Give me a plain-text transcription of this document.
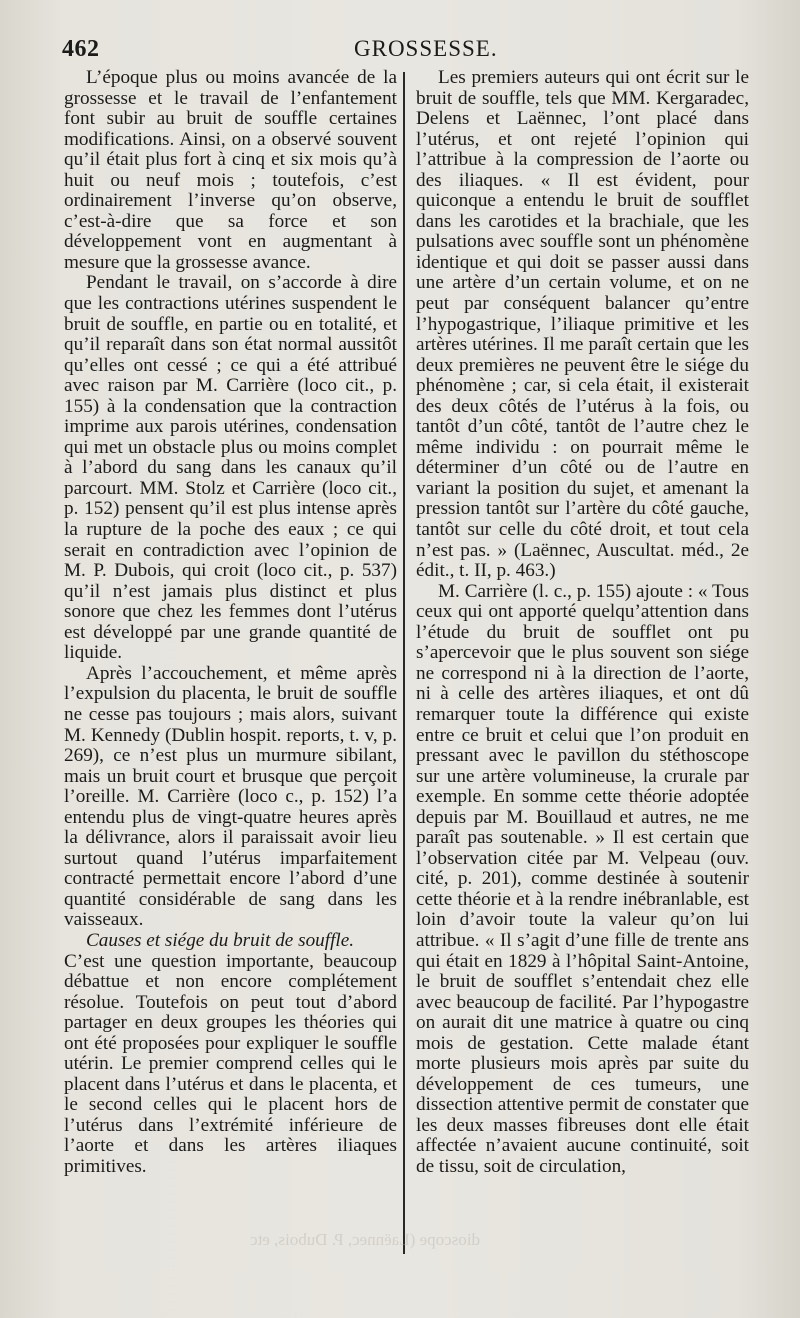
462	GROSSESSE.

L’époque plus ou moins avancée de la grossesse et le travail de l’enfantement font subir au bruit de souffle certaines modifications. Ainsi, on a observé souvent qu’il était plus fort à cinq et six mois qu’à huit ou neuf mois ; toutefois, c’est ordinairement l’inverse qu’on observe, c’est-à-dire que sa force et son développement vont en augmentant à mesure que la grossesse avance.

Pendant le travail, on s’accorde à dire que les contractions utérines suspendent le bruit de souffle, en partie ou en totalité, et qu’il reparaît dans son état normal aussitôt qu’elles ont cessé ; ce qui a été attribué avec raison par M. Carrière (loco cit., p. 155) à la condensation que la contraction imprime aux parois utérines, condensation qui met un obstacle plus ou moins complet à l’abord du sang dans les canaux qu’il parcourt. MM. Stolz et Carrière (loco cit., p. 152) pensent qu’il est plus intense après la rupture de la poche des eaux ; ce qui serait en contradiction avec l’opinion de M. P. Dubois, qui croit (loco cit., p. 537) qu’il n’est jamais plus distinct et plus sonore que chez les femmes dont l’utérus est développé par une grande quantité de liquide.

Après l’accouchement, et même après l’expulsion du placenta, le bruit de souffle ne cesse pas toujours ; mais alors, suivant M. Kennedy (Dublin hospit. reports, t. v, p. 269), ce n’est plus un murmure sibilant, mais un bruit court et brusque que perçoit l’oreille. M. Carrière (loco c., p. 152) l’a entendu plus de vingt-quatre heures après la délivrance, alors il paraissait avoir lieu surtout quand l’utérus imparfaitement contracté permettait encore l’abord d’une quantité considérable de sang dans les vaisseaux.

Causes et siége du bruit de souffle.

C’est une question importante, beaucoup débattue et non encore complétement résolue. Toutefois on peut tout d’abord partager en deux groupes les théories qui ont été proposées pour expliquer le souffle utérin. Le premier comprend celles qui le placent dans l’utérus et dans le placenta, et le second celles qui le placent hors de l’utérus dans l’extrémité inférieure de l’aorte et dans les artères iliaques primitives.

Les premiers auteurs qui ont écrit sur le bruit de souffle, tels que MM. Kergaradec, Delens et Laënnec, l’ont placé dans l’utérus, et ont rejeté l’opinion qui l’attribue à la compression de l’aorte ou des iliaques. « Il est évident, pour quiconque a entendu le bruit de soufflet dans les carotides et la brachiale, que les pulsations avec souffle sont un phénomène identique et qui doit se passer aussi dans une artère d’un certain volume, et on ne peut par conséquent balancer qu’entre l’hypogastrique, l’iliaque primitive et les artères utérines. Il me paraît certain que les deux premières ne peuvent être le siége du phénomène ; car, si cela était, il existerait des deux côtés de l’utérus à la fois, ou tantôt d’un côté, tantôt de l’autre chez le même individu : on pourrait même le déterminer d’un côté ou de l’autre en variant la position du sujet, et amenant la pression tantôt sur l’artère du côté gauche, tantôt sur celle du côté droit, et tout cela n’est pas. » (Laënnec, Auscultat. méd., 2e édit., t. II, p. 463.)

M. Carrière (l. c., p. 155) ajoute : « Tous ceux qui ont apporté quelqu’attention dans l’étude du bruit de soufflet ont pu s’apercevoir que le plus souvent son siége ne correspond ni à la direction de l’aorte, ni à celle des artères iliaques, et ont dû remarquer toute la différence qui existe entre ce bruit et celui que l’on produit en pressant avec le pavillon du stéthoscope sur une artère volumineuse, la crurale par exemple. En somme cette théorie adoptée depuis par M. Bouillaud et autres, ne me paraît pas soutenable. » Il est certain que l’observation citée par M. Velpeau (ouv. cité, p. 201), comme destinée à soutenir cette théorie et à la rendre inébranlable, est loin d’avoir toute la valeur qu’on lui attribue. « Il s’agit d’une fille de trente ans qui était en 1829 à l’hôpital Saint-Antoine, le bruit de soufflet s’entendait chez elle avec beaucoup de facilité. Par l’hypogastre on aurait dit une matrice à quatre ou cinq mois de gestation. Cette malade étant morte plusieurs mois après par suite du développement de ces tumeurs, une dissection attentive permit de constater que les deux masses fibreuses dont elle était affectée n’avaient aucune continuité, soit de tissu, soit de circulation,

dioscope (Laënnec, P. Dubois, etc
